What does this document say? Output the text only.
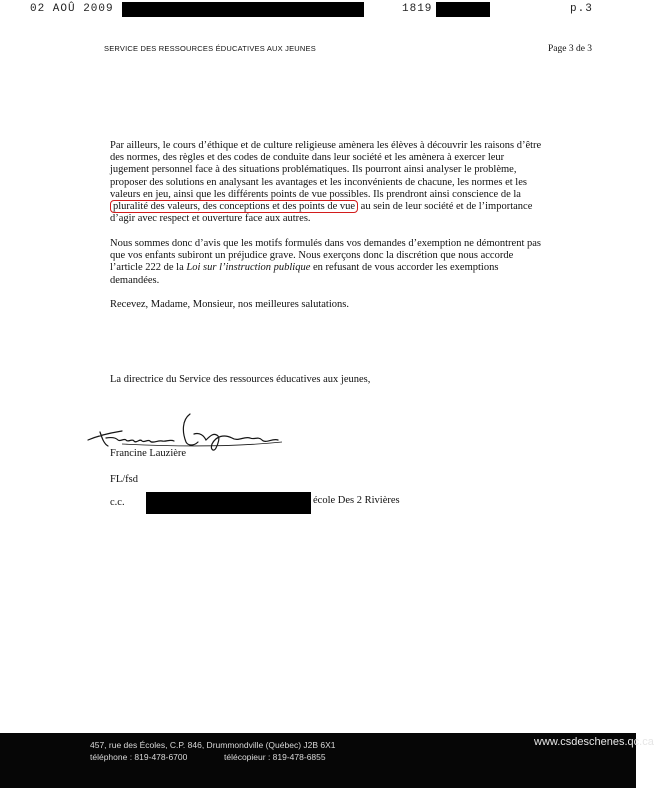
02 AOÛ 2009	1819	p.3
SERVICE DES RESSOURCES ÉDUCATIVES AUX JEUNES	Page 3 de 3
Par ailleurs, le cours d’éthique et de culture religieuse amènera les élèves à découvrir les raisons d’être
des normes, des règles et des codes de conduite dans leur société et les amènera à exercer leur
jugement personnel face à des situations problématiques. Ils pourront ainsi analyser le problème,
proposer des solutions en analysant les avantages et les inconvénients de chacune, les normes et les
valeurs en jeu, ainsi que les différents points de vue possibles. Ils prendront ainsi conscience de la
pluralité des valeurs, des conceptions et des points de vue au sein de leur société et de l’importance
d’agir avec respect et ouverture face aux autres.
Nous sommes donc d’avis que les motifs formulés dans vos demandes d’exemption ne démontrent pas
que vos enfants subiront un préjudice grave. Nous exerçons donc la discrétion que nous accorde
l’article 222 de la Loi sur l’instruction publique en refusant de vous accorder les exemptions
demandées.
Recevez, Madame, Monsieur, nos meilleures salutations.
La directrice du Service des ressources éducatives aux jeunes,
Francine Lauzière
FL/fsd
c.c.	école Des 2 Rivières
457, rue des Écoles, C.P. 846, Drummondville (Québec) J2B 6X1
téléphone : 819-478-6700	télécopieur : 819-478-6855
www.csdeschenes.qc.ca
